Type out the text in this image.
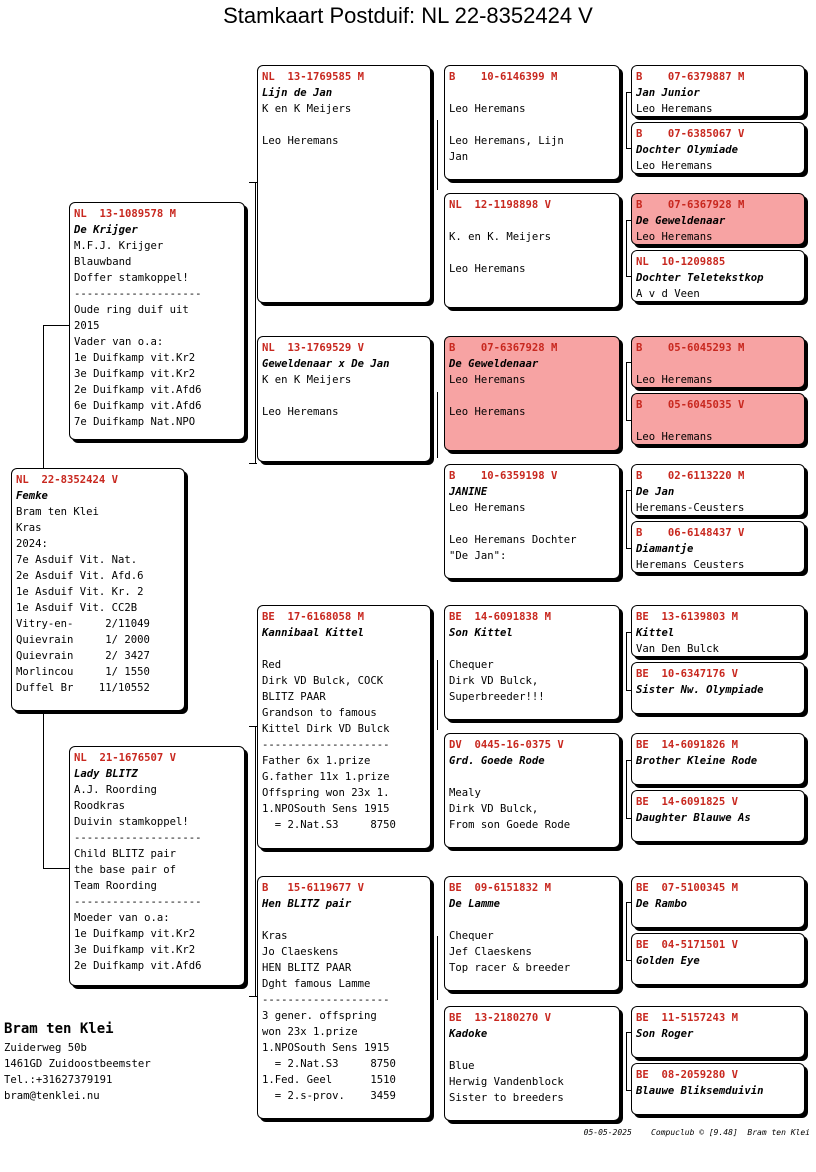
Stamkaart Postduif: NL 22-8352424 V
NL  22-8352424 V
Femke
Bram ten Klei
Kras
2024:
7e Asduif Vit. Nat.
2e Asduif Vit. Afd.6
1e Asduif Vit. Kr. 2
1e Asduif Vit. CC2B
Vitry-en-     2/11049
Quievrain     1/ 2000
Quievrain     2/ 3427
Morlincou     1/ 1550
Duffel Br    11/10552
NL  13-1089578 M
De Krijger
M.F.J. Krijger
Blauwband
Doffer stamkoppel!
--------------------
Oude ring duif uit
2015
Vader van o.a:
1e Duifkamp vit.Kr2
3e Duifkamp vit.Kr2
2e Duifkamp vit.Afd6
6e Duifkamp vit.Afd6
7e Duifkamp Nat.NPO
NL  21-1676507 V
Lady BLITZ
A.J. Roording
Roodkras
Duivin stamkoppel!
--------------------
Child BLITZ pair
the base pair of
Team Roording
--------------------
Moeder van o.a:
1e Duifkamp vit.Kr2
3e Duifkamp vit.Kr2
2e Duifkamp vit.Afd6
NL  13-1769585 M
Lijn de Jan
K en K Meijers
Leo Heremans
NL  13-1769529 V
Geweldenaar x De Jan
K en K Meijers
Leo Heremans
BE  17-6168058 M
Kannibaal Kittel
Red
Dirk VD Bulck, COCK
BLITZ PAAR
Grandson to famous
Kittel Dirk VD Bulck
--------------------
Father 6x 1.prize
G.father 11x 1.prize
Offspring won 23x 1.
1.NPOSouth Sens 1915
= 2.Nat.S3     8750
B   15-6119677 V
Hen BLITZ pair
Kras
Jo Claeskens
HEN BLITZ PAAR
Dght famous Lamme
--------------------
3 gener. offspring
won 23x 1.prize
1.NPOSouth Sens 1915
= 2.Nat.S3     8750
1.Fed. Geel      1510
= 2.s-prov.    3459
B    10-6146399 M
Leo Heremans
Leo Heremans, Lijn
Jan
NL  12-1198898 V
K. en K. Meijers
Leo Heremans
B    07-6367928 M
De Geweldenaar
Leo Heremans
Leo Heremans
B    10-6359198 V
JANINE
Leo Heremans
Leo Heremans Dochter
"De Jan":
BE  14-6091838 M
Son Kittel
Chequer
Dirk VD Bulck,
Superbreeder!!!
DV  0445-16-0375 V
Grd. Goede Rode
Mealy
Dirk VD Bulck,
From son Goede Rode
BE  09-6151832 M
De Lamme
Chequer
Jef Claeskens
Top racer & breeder
BE  13-2180270 V
Kadoke
Blue
Herwig Vandenblock
Sister to breeders
B    07-6379887 M
Jan Junior
Leo Heremans
B    07-6385067 V
Dochter Olymiade
Leo Heremans
B    07-6367928 M
De Geweldenaar
Leo Heremans
NL  10-1209885
Dochter Teletekstkop
A v d Veen
B    05-6045293 M
Leo Heremans
B    05-6045035 V
Leo Heremans
B    02-6113220 M
De Jan
Heremans-Ceusters
B    06-6148437 V
Diamantje
Heremans Ceusters
BE  13-6139803 M
Kittel
Van Den Bulck
BE  10-6347176 V
Sister Nw. Olympiade
BE  14-6091826 M
Brother Kleine Rode
BE  14-6091825 V
Daughter Blauwe As
BE  07-5100345 M
De Rambo
BE  04-5171501 V
Golden Eye
BE  11-5157243 M
Son Roger
BE  08-2059280 V
Blauwe Bliksemduivin
Bram ten Klei
Zuiderweg 50b
1461GD Zuidoostbeemster
Tel.:+31627379191
bram@tenklei.nu
05-05-2025    Compuclub © [9.48]  Bram ten Klei
